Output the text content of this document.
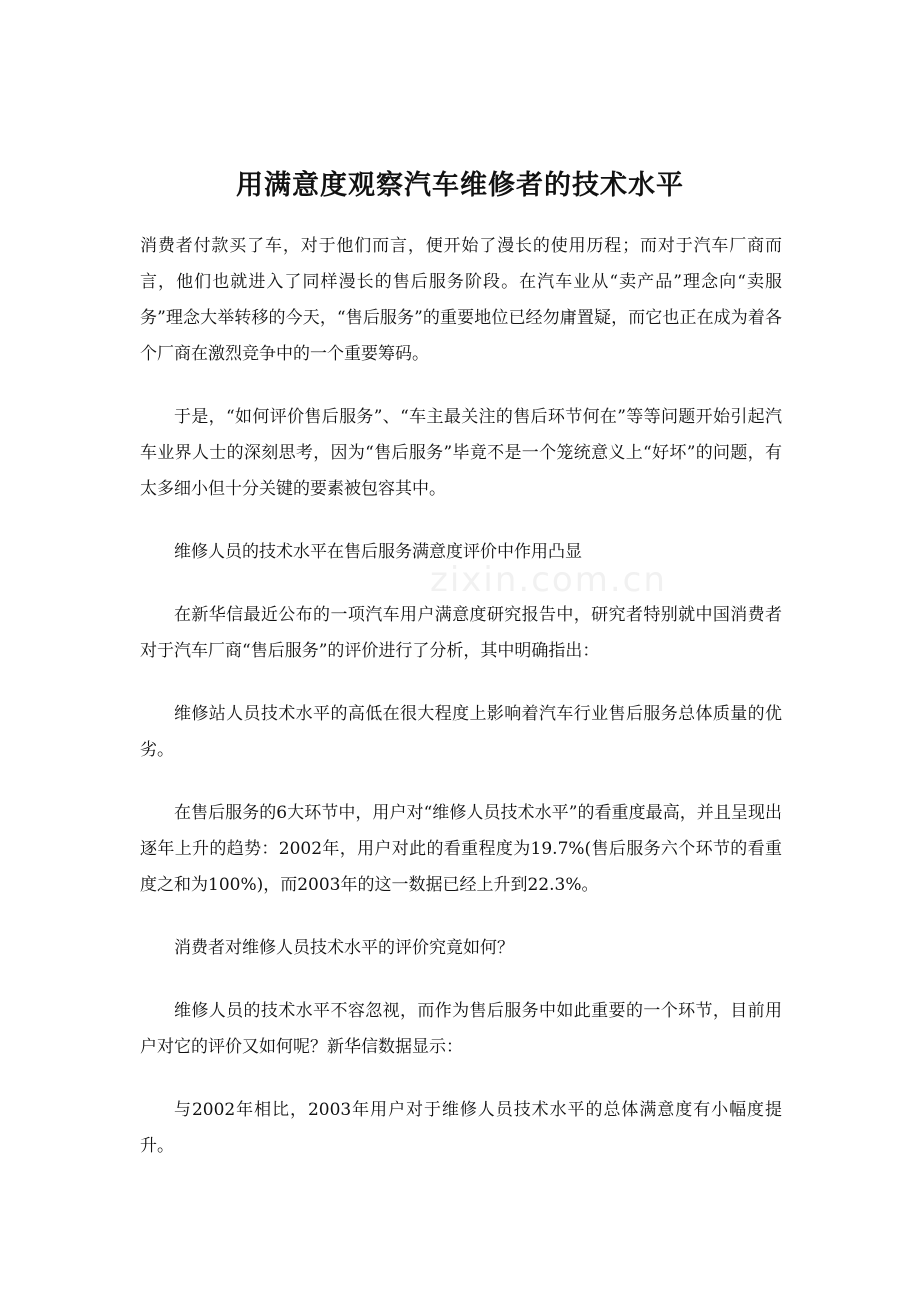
zixin.com.cn
用满意度观察汽车维修者的技术水平

消费者付款买了车，对于他们而言，便开始了漫长的使用历程；而对于汽车厂商而言，他们也就进入了同样漫长的售后服务阶段。在汽车业从“卖产品”理念向“卖服务”理念大举转移的今天，“售后服务”的重要地位已经勿庸置疑，而它也正在成为着各个厂商在激烈竞争中的一个重要筹码。

于是，“如何评价售后服务”、“车主最关注的售后环节何在”等等问题开始引起汽车业界人士的深刻思考，因为“售后服务”毕竟不是一个笼统意义上“好坏”的问题，有太多细小但十分关键的要素被包容其中。

维修人员的技术水平在售后服务满意度评价中作用凸显

在新华信最近公布的一项汽车用户满意度研究报告中，研究者特别就中国消费者对于汽车厂商“售后服务”的评价进行了分析，其中明确指出：

维修站人员技术水平的高低在很大程度上影响着汽车行业售后服务总体质量的优劣。

在售后服务的6大环节中，用户对“维修人员技术水平”的看重度最高，并且呈现出逐年上升的趋势：2002年，用户对此的看重程度为19.7%(售后服务六个环节的看重度之和为100%)，而2003年的这一数据已经上升到22.3%。

消费者对维修人员技术水平的评价究竟如何？

维修人员的技术水平不容忽视，而作为售后服务中如此重要的一个环节，目前用户对它的评价又如何呢？新华信数据显示：

与2002年相比，2003年用户对于维修人员技术水平的总体满意度有小幅度提升。
